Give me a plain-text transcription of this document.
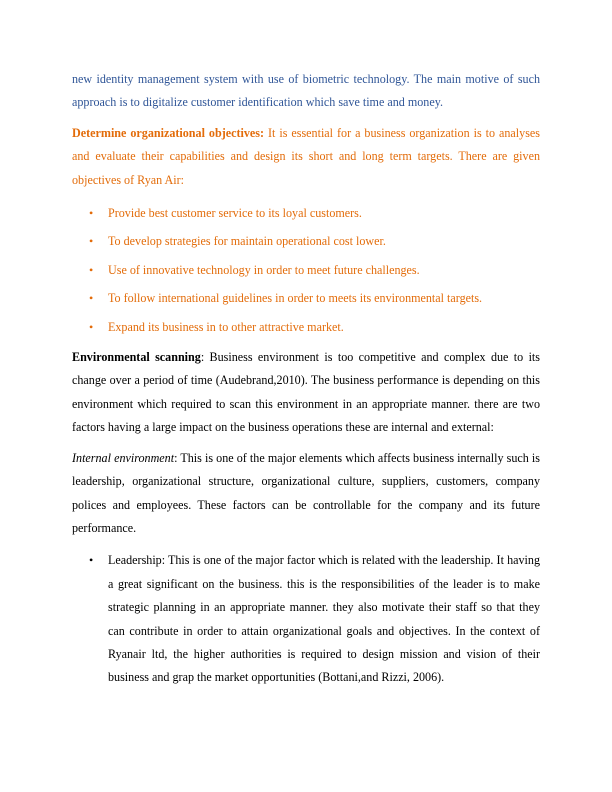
new identity management system with use of biometric technology. The main motive of such approach is to digitalize customer identification which save time and money.

Determine organizational objectives: It is essential for a business organization is to analyses and evaluate their capabilities and design its short and long term targets. There are given objectives of Ryan Air:

• Provide best customer service to its loyal customers.
• To develop strategies for maintain operational cost lower.
• Use of innovative technology in order to meet future challenges.
• To follow international guidelines in order to meets its environmental targets.
• Expand its business in to other attractive market.

Environmental scanning: Business environment is too competitive and complex due to its change over a period of time (Audebrand,2010). The business performance is depending on this environment which required to scan this environment in an appropriate manner. there are two factors having a large impact on the business operations these are internal and external:

Internal environment: This is one of the major elements which affects business internally such is leadership, organizational structure, organizational culture, suppliers, customers, company polices and employees. These factors can be controllable for the company and its future performance.

• Leadership: This is one of the major factor which is related with the leadership. It having a great significant on the business. this is the responsibilities of the leader is to make strategic planning in an appropriate manner. they also motivate their staff so that they can contribute in order to attain organizational goals and objectives. In the context of Ryanair ltd, the higher authorities is required to design mission and vision of their business and grap the market opportunities (Bottani,and Rizzi, 2006).
